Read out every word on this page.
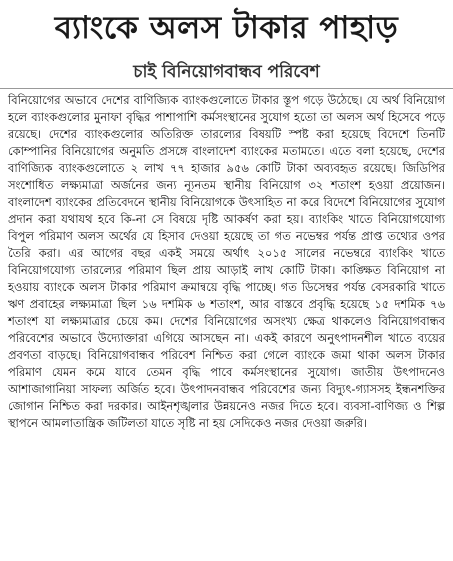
ব্যাংকে অলস টাকার পাহাড়
চাই বিনিয়োগবান্ধব পরিবেশ

বিনিয়োগের অভাবে দেশের বাণিজ্যিক ব্যাংকগুলোতে টাকার স্তূপ গড়ে উঠেছে। যে অর্থ বিনিয়োগ হলে ব্যাংকগুলোর মুনাফা বৃদ্ধির পাশাপাশি কর্মসংস্থানের সুযোগ হতো তা অলস অর্থ হিসেবে পড়ে রয়েছে। দেশের ব্যাংকগুলোর অতিরিক্ত তারল্যের বিষয়টি স্পষ্ট করা হয়েছে বিদেশে তিনটি কোম্পানির বিনিয়োগের অনুমতি প্রসঙ্গে বাংলাদেশ ব্যাংকের মতামতে। এতে বলা হয়েছে, দেশের বাণিজ্যিক ব্যাংকগুলোতে ২ লাখ ৭৭ হাজার ৯৫৬ কোটি টাকা অব্যবহৃত রয়েছে। জিডিপির সংশোধিত লক্ষ্যমাত্রা অর্জনের জন্য ন্যূনতম স্থানীয় বিনিয়োগ ৩২ শতাংশ হওয়া প্রয়োজন। বাংলাদেশ ব্যাংকের প্রতিবেদনে স্থানীয় বিনিয়োগকে উৎসাহিত না করে বিদেশে বিনিয়োগের সুযোগ প্রদান করা যথাযথ হবে কি-না সে বিষয়ে দৃষ্টি আকর্ষণ করা হয়। ব্যাংকিং খাতে বিনিয়োগযোগ্য বিপুল পরিমাণ অলস অর্থের যে হিসাব দেওয়া হয়েছে তা গত নভেম্বর পর্যন্ত প্রাপ্ত তথ্যের ওপর তৈরি করা। এর আগের বছর একই সময়ে অর্থাৎ ২০১৫ সালের নভেম্বরে ব্যাংকিং খাতে বিনিয়োগযোগ্য তারল্যের পরিমাণ ছিল প্রায় আড়াই লাখ কোটি টাকা। কাঙ্ক্ষিত বিনিয়োগ না হওয়ায় ব্যাংকে অলস টাকার পরিমাণ ক্রমান্বয়ে বৃদ্ধি পাচ্ছে। গত ডিসেম্বর পর্যন্ত বেসরকারি খাতে ঋণ প্রবাহের লক্ষ্যমাত্রা ছিল ১৬ দশমিক ৬ শতাংশ, আর বাস্তবে প্রবৃদ্ধি হয়েছে ১৫ দশমিক ৭৬ শতাংশ যা লক্ষ্যমাত্রার চেয়ে কম। দেশের বিনিয়োগের অসংখ্য ক্ষেত্র থাকলেও বিনিয়োগবান্ধব পরিবেশের অভাবে উদ্যোক্তারা এগিয়ে আসছেন না। একই কারণে অনুৎপাদনশীল খাতে ব্যয়ের প্রবণতা বাড়ছে। বিনিয়োগবান্ধব পরিবেশ নিশ্চিত করা গেলে ব্যাংকে জমা থাকা অলস টাকার পরিমাণ যেমন কমে যাবে তেমন বৃদ্ধি পাবে কর্মসংস্থানের সুযোগ। জাতীয় উৎপাদনেও আশাজাগানিয়া সাফল্য অর্জিত হবে। উৎপাদনবান্ধব পরিবেশের জন্য বিদ্যুৎ-গ্যাসসহ ইন্ধনশক্তির জোগান নিশ্চিত করা দরকার। আইনশৃঙ্খলার উন্নয়নেও নজর দিতে হবে। ব্যবসা-বাণিজ্য ও শিল্প স্থাপনে আমলাতান্ত্রিক জটিলতা যাতে সৃষ্টি না হয় সেদিকেও নজর দেওয়া জরুরি।
